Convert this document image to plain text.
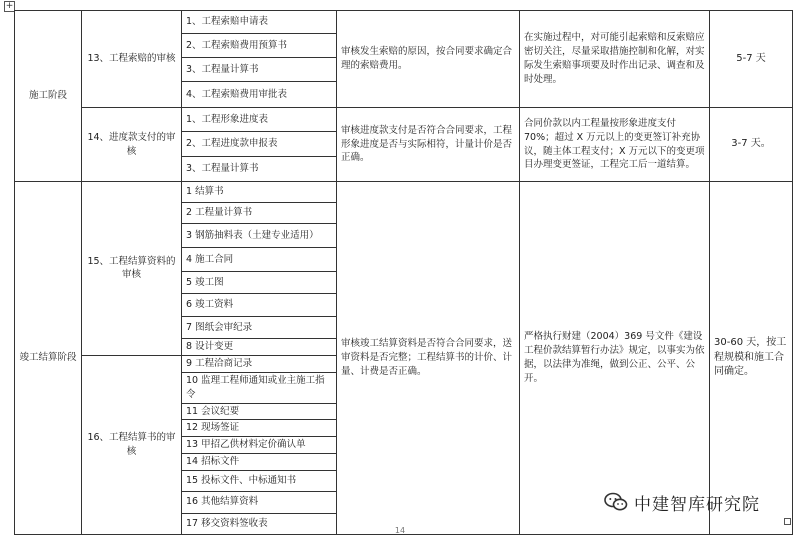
+
施工阶段	13、工程索赔的审核	1、工程索赔申请表	审核发生索赔的原因，按合同要求确定合理的索赔费用。	在实施过程中，对可能引起索赔和反索赔应密切关注，尽量采取措施控制和化解，对实际发生索赔事项要及时作出记录、调查和及时处理。	5-7 天
		2、工程索赔费用预算书			
		3、工程量计算书			
		4、工程索赔费用审批表			
	14、进度款支付的审核	1、工程形象进度表	审核进度款支付是否符合合同要求，工程形象进度是否与实际相符，计量计价是否正确。	合同价款以内工程量按形象进度支付 70%；超过 X 万元以上的变更签订补充协议，随主体工程支付；X 万元以下的变更项目办理变更签证，工程完工后一道结算。	3-7 天。
		2、工程进度款申报表			
		3、工程量计算书			
竣工结算阶段	15、工程结算资料的审核	1 结算书	审核竣工结算资料是否符合合同要求，送审资料是否完整；工程结算书的计价、计量、计费是否正确。	严格执行财建（2004）369 号文件《建设工程价款结算暂行办法》规定，以事实为依据，以法律为准绳，做到公正、公平、公开。	30-60 天，按工程规模和施工合同确定。
		2 工程量计算书			
		3 钢筋抽料表（土建专业适用）			
		4 施工合同			
		5 竣工图			
		6 竣工资料			
		7 图纸会审纪录			
		8 设计变更			
	16、工程结算书的审核	9 工程洽商记录			
		10 监理工程师通知或业主施工指令			
		11 会议纪要			
		12 现场签证			
		13 甲招乙供材料定价确认单			
		14 招标文件			
		15 投标文件、中标通知书			
		16 其他结算资料			
		17 移交资料签收表			
中建智库研究院
14
